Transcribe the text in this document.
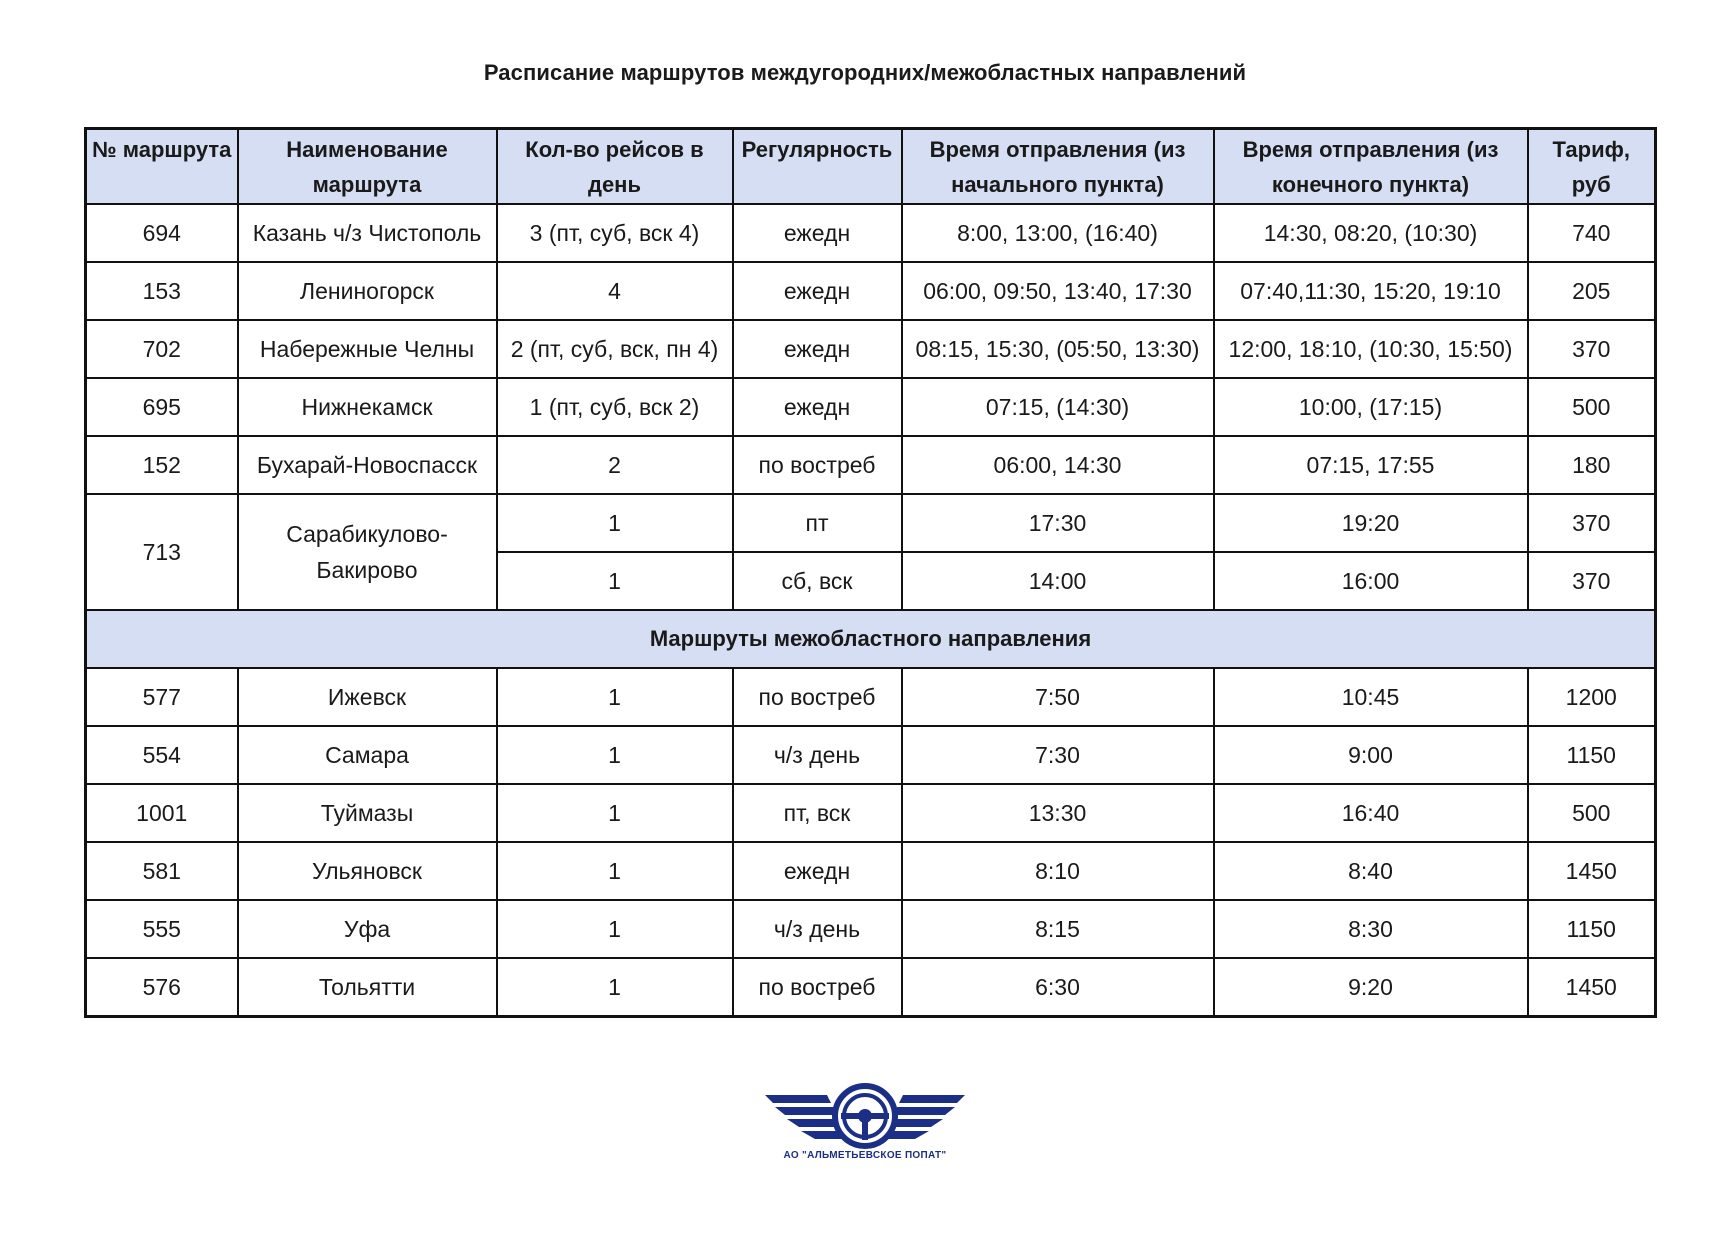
Расписание маршрутов междугородних/межобластных направлений
№ маршрута	Наименование маршрута	Кол-во рейсов в день	Регулярность	Время отправления (из начального пункта)	Время отправления (из конечного пункта)	Тариф, руб
694	Казань ч/з Чистополь	3 (пт, суб, вск 4)	ежедн	8:00, 13:00, (16:40)	14:30, 08:20, (10:30)	740
153	Лениногорск	4	ежедн	06:00, 09:50, 13:40, 17:30	07:40,11:30, 15:20, 19:10	205
702	Набережные Челны	2 (пт, суб, вск, пн 4)	ежедн	08:15, 15:30, (05:50, 13:30)	12:00, 18:10, (10:30, 15:50)	370
695	Нижнекамск	1 (пт, суб, вск 2)	ежедн	07:15, (14:30)	10:00, (17:15)	500
152	Бухарай-Новоспасск	2	по востреб	06:00, 14:30	07:15, 17:55	180
713	Сарабикулово-Бакирово	1	пт	17:30	19:20	370
		1	сб, вск	14:00	16:00	370
Маршруты межобластного направления						
577	Ижевск	1	по востреб	7:50	10:45	1200
554	Самара	1	ч/з день	7:30	9:00	1150
1001	Туймазы	1	пт, вск	13:30	16:40	500
581	Ульяновск	1	ежедн	8:10	8:40	1450
555	Уфа	1	ч/з день	8:15	8:30	1150
576	Тольятти	1	по востреб	6:30	9:20	1450
АО "АЛЬМЕТЬЕВСКОЕ ПОПАТ"
